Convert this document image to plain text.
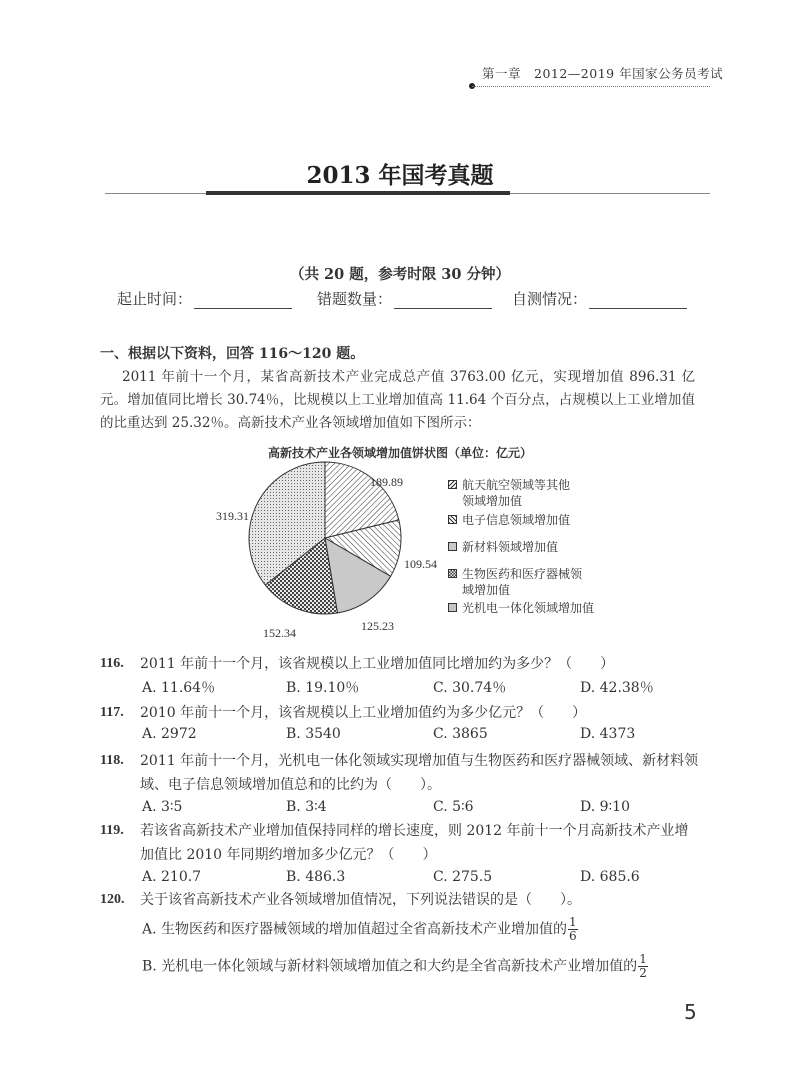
第一章　2012—2019 年国家公务员考试
2013 年国考真题
（共 20 题，参考时限 30 分钟）
起止时间：	错题数量：	自测情况：
一、根据以下资料，回答 116～120 题。
2011 年前十一个月，某省高新技术产业完成总产值 3763.00 亿元，实现增加值 896.31 亿元。增加值同比增长 30.74％，比规模以上工业增加值高 11.64 个百分点，占规模以上工业增加值的比重达到 25.32％。高新技术产业各领域增加值如下图所示：
高新技术产业各领域增加值饼状图（单位：亿元）
189.89
109.54
125.23
152.34
319.31
航天航空领域等其他
领域增加值
电子信息领域增加值
新材料领域增加值
生物医药和医疗器械领
域增加值
光机电一体化领域增加值
116. 2011 年前十一个月，该省规模以上工业增加值同比增加约为多少？（　　）
A. 11.64％	B. 19.10％	C. 30.74％	D. 42.38％
117. 2010 年前十一个月，该省规模以上工业增加值约为多少亿元？（　　）
A. 2972	B. 3540	C. 3865	D. 4373
118. 2011 年前十一个月，光机电一体化领域实现增加值与生物医药和医疗器械领域、新材料领
域、电子信息领域增加值总和的比约为（　　）。
A. 3∶5	B. 3∶4	C. 5∶6	D. 9∶10
119. 若该省高新技术产业增加值保持同样的增长速度，则 2012 年前十一个月高新技术产业增
加值比 2010 年同期约增加多少亿元？（　　）
A. 210.7	B. 486.3	C. 275.5	D. 685.6
120. 关于该省高新技术产业各领域增加值情况，下列说法错误的是（　　）。
A. 生物医药和医疗器械领域的增加值超过全省高新技术产业增加值的 $\frac{1}{6}$
B. 光机电一体化领域与新材料领域增加值之和大约是全省高新技术产业增加值的 $\frac{1}{2}$
5
